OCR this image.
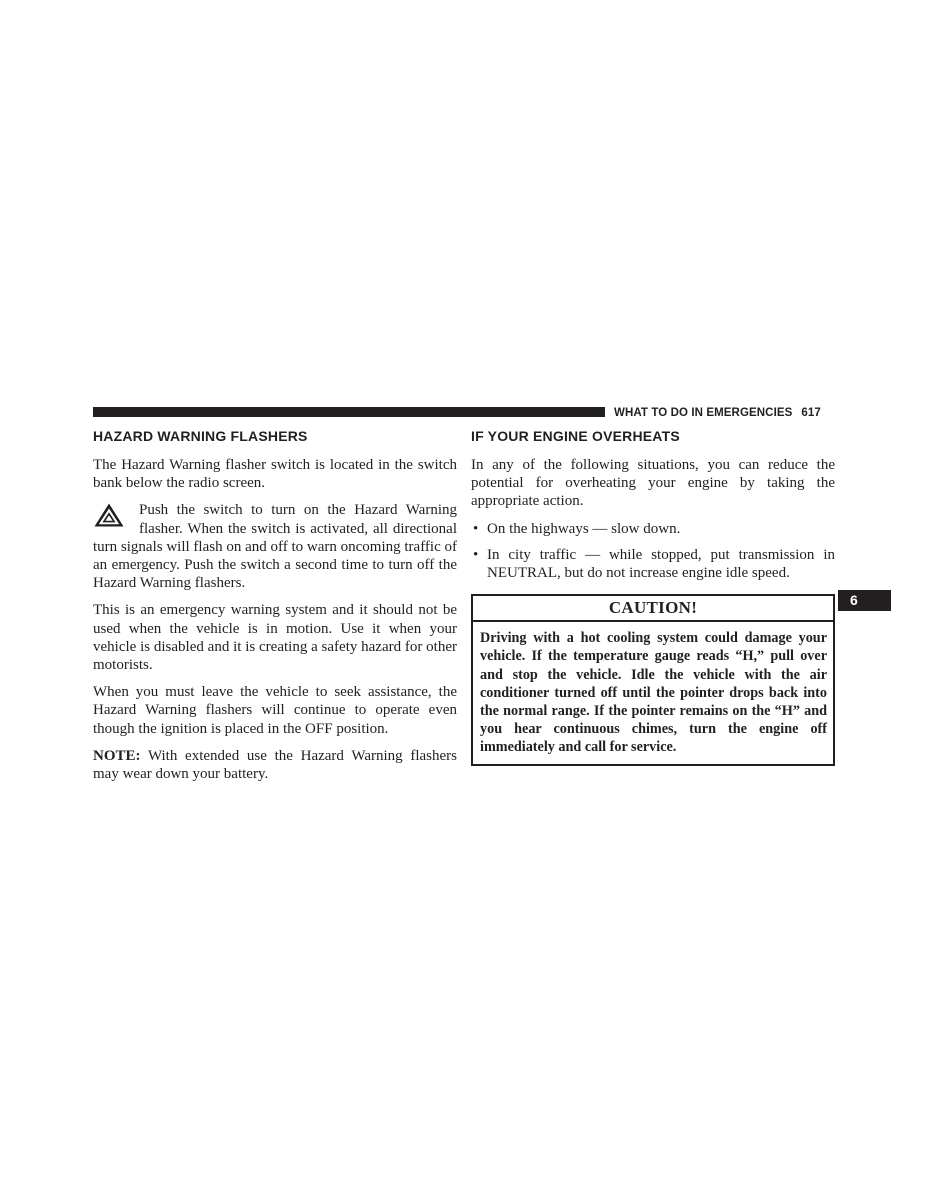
WHAT TO DO IN EMERGENCIES 617
6
HAZARD WARNING FLASHERS

The Hazard Warning flasher switch is located in the switch bank below the radio screen.

Push the switch to turn on the Hazard Warning flasher. When the switch is activated, all directional turn signals will flash on and off to warn oncoming traffic of an emergency. Push the switch a second time to turn off the Hazard Warning flashers.

This is an emergency warning system and it should not be used when the vehicle is in motion. Use it when your vehicle is disabled and it is creating a safety hazard for other motorists.

When you must leave the vehicle to seek assistance, the Hazard Warning flashers will continue to operate even though the ignition is placed in the OFF position.

NOTE: With extended use the Hazard Warning flashers may wear down your battery.

IF YOUR ENGINE OVERHEATS

In any of the following situations, you can reduce the potential for overheating your engine by taking the appropriate action.

• On the highways — slow down.
• In city traffic — while stopped, put transmission in NEUTRAL, but do not increase engine idle speed.
CAUTION!
Driving with a hot cooling system could damage your vehicle. If the temperature gauge reads “H,” pull over and stop the vehicle. Idle the vehicle with the air conditioner turned off until the pointer drops back into the normal range. If the pointer remains on the “H” and you hear continuous chimes, turn the engine off immediately and call for service.
